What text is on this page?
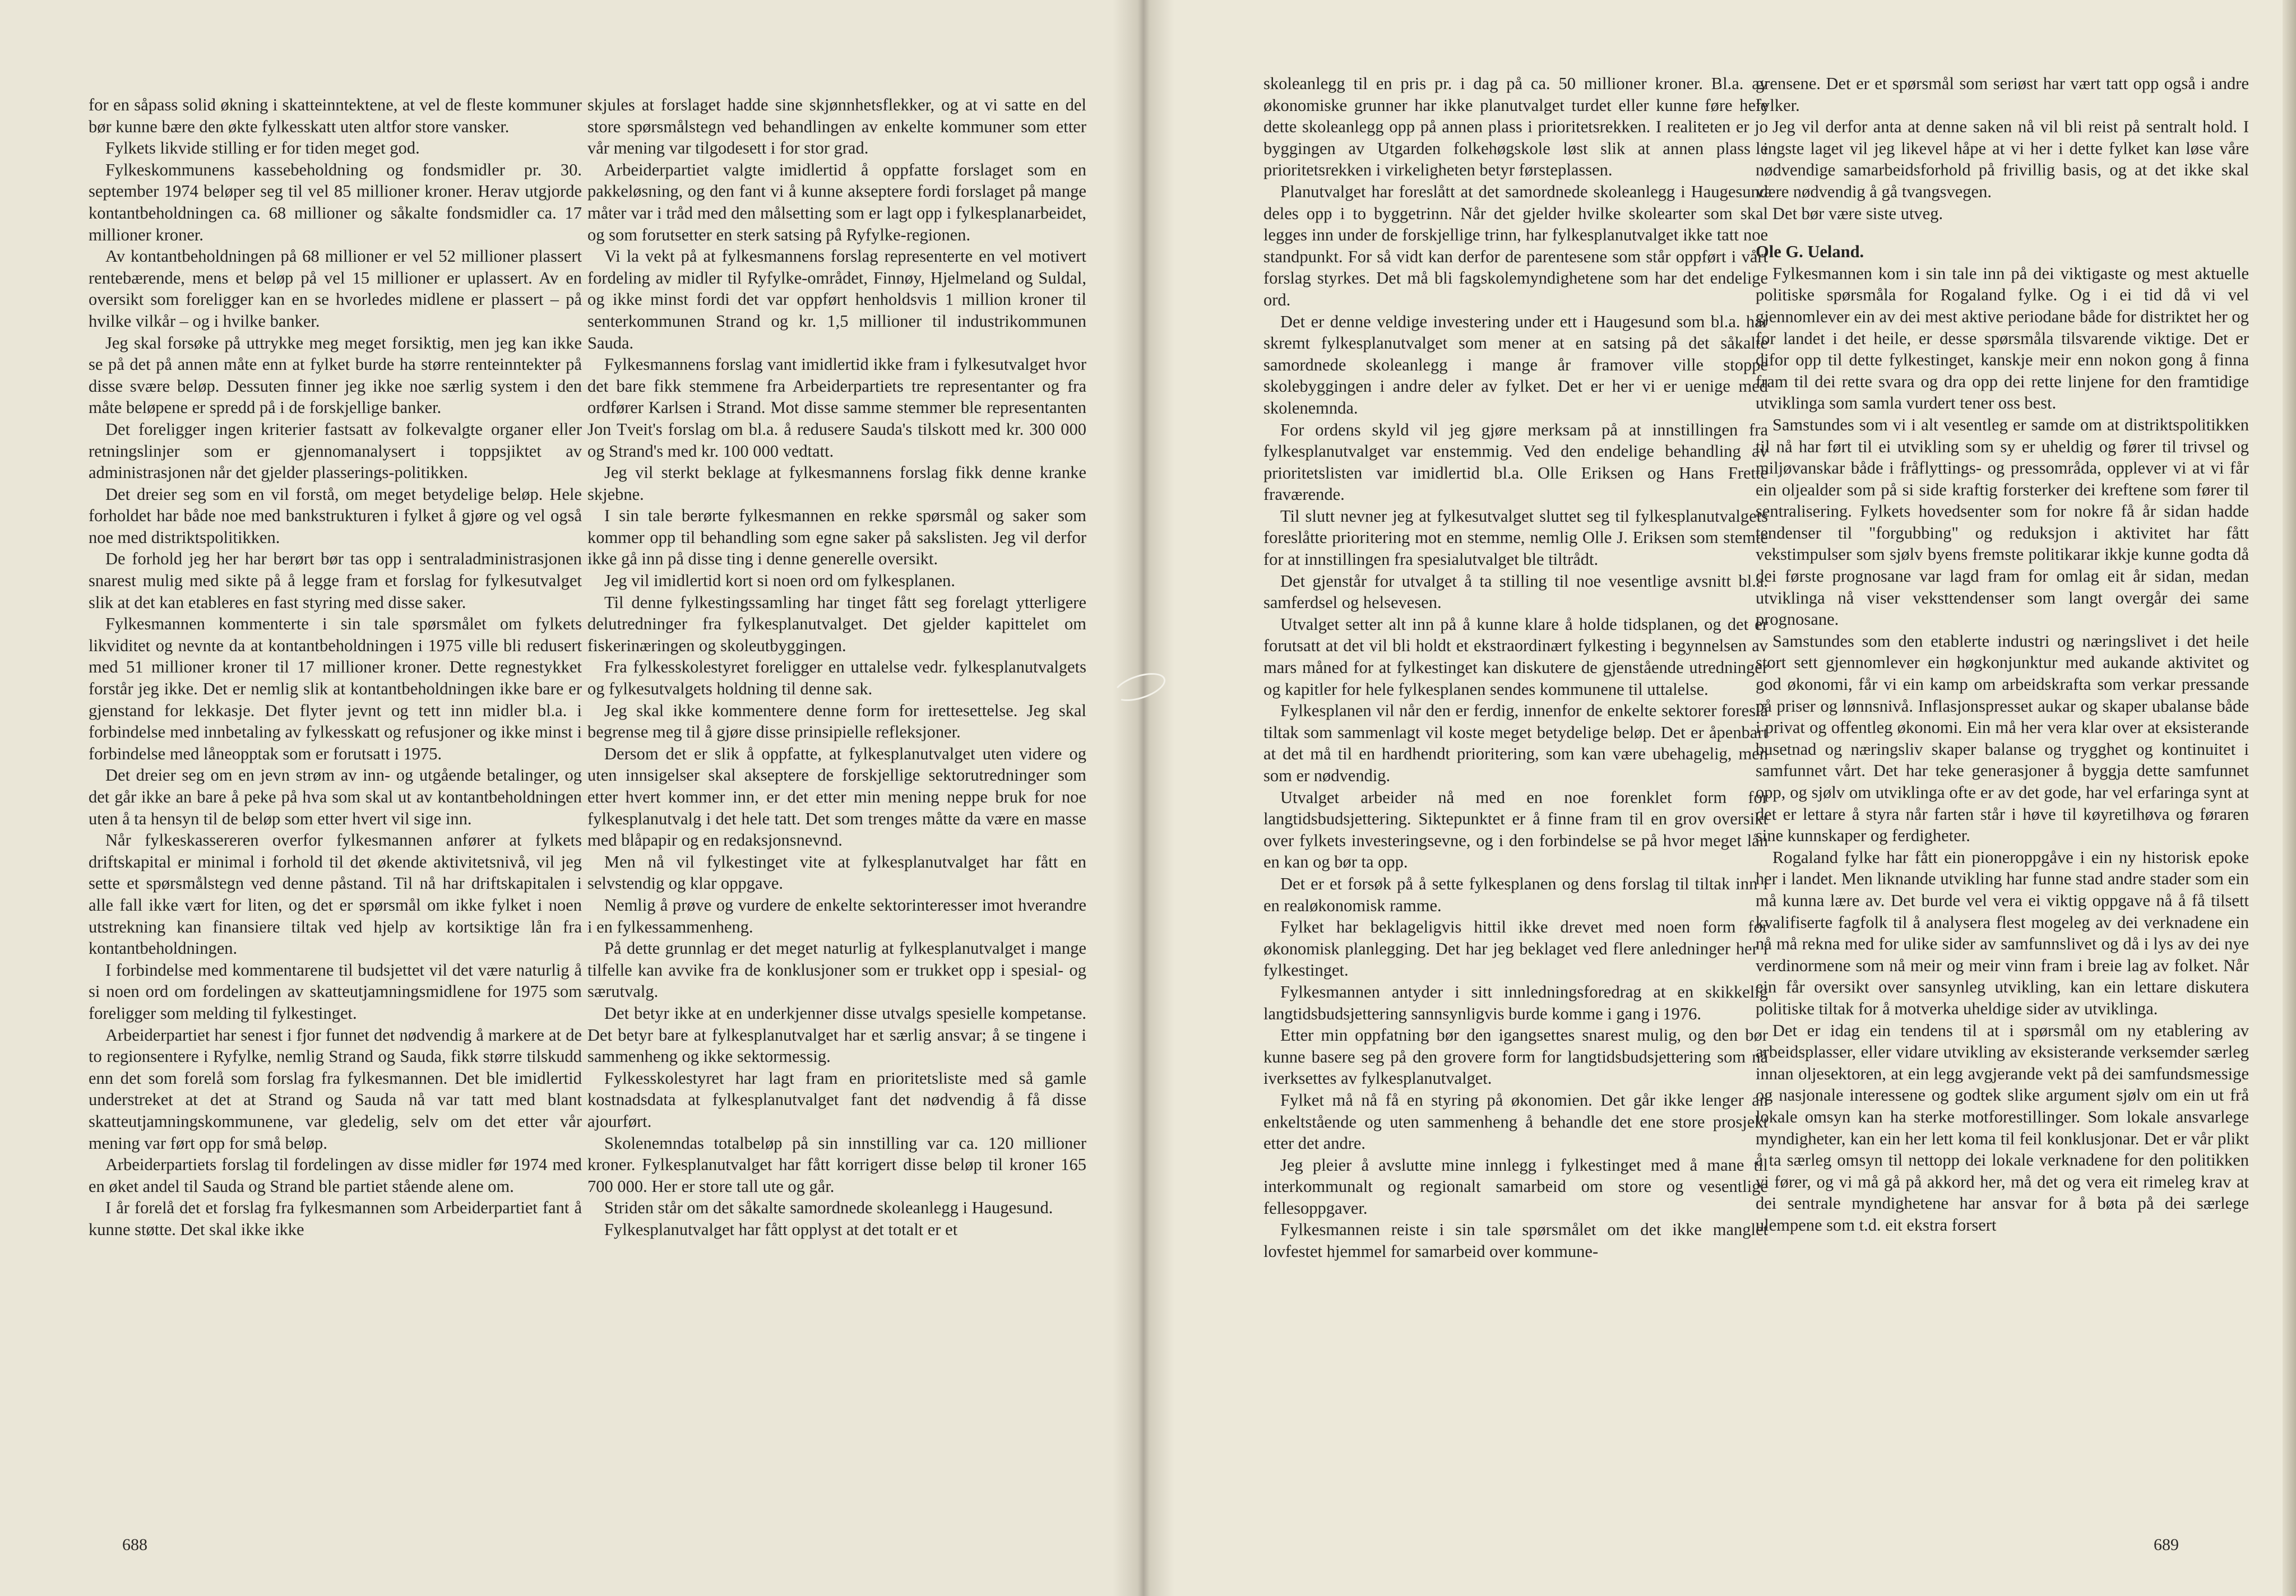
for en såpass solid økning i skatteinntektene, at vel de fleste kommuner bør kunne bære den økte fylkesskatt uten altfor store vansker.

Fylkets likvide stilling er for tiden meget god.

Fylkeskommunens kassebeholdning og fondsmidler pr. 30. september 1974 beløper seg til vel 85 millioner kroner. Herav utgjorde kontantbeholdningen ca. 68 millioner og såkalte fondsmidler ca. 17 millioner kroner.

Av kontantbeholdningen på 68 millioner er vel 52 millioner plassert rentebærende, mens et beløp på vel 15 millioner er uplassert. Av en oversikt som foreligger kan en se hvorledes midlene er plassert – på hvilke vilkår – og i hvilke banker.

Jeg skal forsøke på uttrykke meg meget forsiktig, men jeg kan ikke se på det på annen måte enn at fylket burde ha større renteinntekter på disse svære beløp. Dessuten finner jeg ikke noe særlig system i den måte beløpene er spredd på i de forskjellige banker.

Det foreligger ingen kriterier fastsatt av folkevalgte organer eller retningslinjer som er gjennomanalysert i toppsjiktet av administrasjonen når det gjelder plasserings-politikken.

Det dreier seg som en vil forstå, om meget betydelige beløp. Hele forholdet har både noe med bankstrukturen i fylket å gjøre og vel også noe med distriktspolitikken.

De forhold jeg her har berørt bør tas opp i sentraladministrasjonen snarest mulig med sikte på å legge fram et forslag for fylkesutvalget slik at det kan etableres en fast styring med disse saker.

Fylkesmannen kommenterte i sin tale spørsmålet om fylkets likviditet og nevnte da at kontantbeholdningen i 1975 ville bli redusert med 51 millioner kroner til 17 millioner kroner. Dette regnestykket forstår jeg ikke. Det er nemlig slik at kontantbeholdningen ikke bare er gjenstand for lekkasje. Det flyter jevnt og tett inn midler bl.a. i forbindelse med innbetaling av fylkesskatt og refusjoner og ikke minst i forbindelse med låneopptak som er forutsatt i 1975.

Det dreier seg om en jevn strøm av inn- og utgående betalinger, og det går ikke an bare å peke på hva som skal ut av kontantbeholdningen uten å ta hensyn til de beløp som etter hvert vil sige inn.

Når fylkeskassereren overfor fylkesmannen anfører at fylkets driftskapital er minimal i forhold til det økende aktivitetsnivå, vil jeg sette et spørsmålstegn ved denne påstand. Til nå har driftskapitalen i alle fall ikke vært for liten, og det er spørsmål om ikke fylket i noen utstrekning kan finansiere tiltak ved hjelp av kortsiktige lån fra kontantbeholdningen.

I forbindelse med kommentarene til budsjettet vil det være naturlig å si noen ord om fordelingen av skatteutjamningsmidlene for 1975 som foreligger som melding til fylkestinget.

Arbeiderpartiet har senest i fjor funnet det nødvendig å markere at de to regionsentere i Ryfylke, nemlig Strand og Sauda, fikk større tilskudd enn det som forelå som forslag fra fylkesmannen. Det ble imidlertid understreket at det at Strand og Sauda nå var tatt med blant skatteutjamningskommunene, var gledelig, selv om det etter vår mening var ført opp for små beløp.

Arbeiderpartiets forslag til fordelingen av disse midler før 1974 med en øket andel til Sauda og Strand ble partiet stående alene om.

I år forelå det et forslag fra fylkesmannen som Arbeiderpartiet fant å kunne støtte. Det skal ikke ikke

skjules at forslaget hadde sine skjønnhetsflekker, og at vi satte en del store spørsmålstegn ved behandlingen av enkelte kommuner som etter vår mening var tilgodesett i for stor grad.

Arbeiderpartiet valgte imidlertid å oppfatte forslaget som en pakkeløsning, og den fant vi å kunne akseptere fordi forslaget på mange måter var i tråd med den målsetting som er lagt opp i fylkesplanarbeidet, og som forutsetter en sterk satsing på Ryfylke-regionen.

Vi la vekt på at fylkesmannens forslag representerte en vel motivert fordeling av midler til Ryfylke-området, Finnøy, Hjelmeland og Suldal, og ikke minst fordi det var oppført henholdsvis 1 million kroner til senterkommunen Strand og kr. 1,5 millioner til industrikommunen Sauda.

Fylkesmannens forslag vant imidlertid ikke fram i fylkesutvalget hvor det bare fikk stemmene fra Arbeiderpartiets tre representanter og fra ordfører Karlsen i Strand. Mot disse samme stemmer ble representanten Jon Tveit's forslag om bl.a. å redusere Sauda's tilskott med kr. 300 000 og Strand's med kr. 100 000 vedtatt.

Jeg vil sterkt beklage at fylkesmannens forslag fikk denne kranke skjebne.

I sin tale berørte fylkesmannen en rekke spørsmål og saker som kommer opp til behandling som egne saker på sakslisten. Jeg vil derfor ikke gå inn på disse ting i denne generelle oversikt.

Jeg vil imidlertid kort si noen ord om fylkesplanen.

Til denne fylkestingssamling har tinget fått seg forelagt ytterligere delutredninger fra fylkesplanutvalget. Det gjelder kapittelet om fiskerinæringen og skoleutbyggingen.

Fra fylkesskolestyret foreligger en uttalelse vedr. fylkesplanutvalgets og fylkesutvalgets holdning til denne sak.

Jeg skal ikke kommentere denne form for irettesettelse. Jeg skal begrense meg til å gjøre disse prinsipielle refleksjoner.

Dersom det er slik å oppfatte, at fylkesplanutvalget uten videre og uten innsigelser skal akseptere de forskjellige sektorutredninger som etter hvert kommer inn, er det etter min mening neppe bruk for noe fylkesplanutvalg i det hele tatt. Det som trenges måtte da være en masse med blåpapir og en redaksjonsnevnd.

Men nå vil fylkestinget vite at fylkesplanutvalget har fått en selvstendig og klar oppgave.

Nemlig å prøve og vurdere de enkelte sektorinteresser imot hverandre i en fylkessammenheng.

På dette grunnlag er det meget naturlig at fylkesplanutvalget i mange tilfelle kan avvike fra de konklusjoner som er trukket opp i spesial- og særutvalg.

Det betyr ikke at en underkjenner disse utvalgs spesielle kompetanse. Det betyr bare at fylkesplanutvalget har et særlig ansvar; å se tingene i sammenheng og ikke sektormessig.

Fylkesskolestyret har lagt fram en prioritetsliste med så gamle kostnadsdata at fylkesplanutvalget fant det nødvendig å få disse ajourført.

Skolenemndas totalbeløp på sin innstilling var ca. 120 millioner kroner. Fylkesplanutvalget har fått korrigert disse beløp til kroner 165 700 000. Her er store tall ute og går.

Striden står om det såkalte samordnede skoleanlegg i Haugesund.

Fylkesplanutvalget har fått opplyst at det totalt er et

688

skoleanlegg til en pris pr. i dag på ca. 50 millioner kroner. Bl.a. av økonomiske grunner har ikke planutvalget turdet eller kunne føre hele dette skoleanlegg opp på annen plass i prioritetsrekken. I realiteten er jo byggingen av Utgarden folkehøgskole løst slik at annen plass i prioritetsrekken i virkeligheten betyr førsteplassen.

Planutvalget har foreslått at det samordnede skoleanlegg i Haugesund deles opp i to byggetrinn. Når det gjelder hvilke skolearter som skal legges inn under de forskjellige trinn, har fylkesplanutvalget ikke tatt noe standpunkt. For så vidt kan derfor de parentesene som står oppført i vårt forslag styrkes. Det må bli fagskolemyndighetene som har det endelige ord.

Det er denne veldige investering under ett i Haugesund som bl.a. har skremt fylkesplanutvalget som mener at en satsing på det såkalte samordnede skoleanlegg i mange år framover ville stoppe skolebyggingen i andre deler av fylket. Det er her vi er uenige med skolenemnda.

For ordens skyld vil jeg gjøre merksam på at innstillingen fra fylkesplanutvalget var enstemmig. Ved den endelige behandling av prioritetslisten var imidlertid bl.a. Olle Eriksen og Hans Frette fraværende.

Til slutt nevner jeg at fylkesutvalget sluttet seg til fylkesplanutvalgets foreslåtte prioritering mot en stemme, nemlig Olle J. Eriksen som stemte for at innstillingen fra spesialutvalget ble tiltrådt.

Det gjenstår for utvalget å ta stilling til noe vesentlige avsnitt bl.a. samferdsel og helsevesen.

Utvalget setter alt inn på å kunne klare å holde tidsplanen, og det er forutsatt at det vil bli holdt et ekstraordinært fylkesting i begynnelsen av mars måned for at fylkestinget kan diskutere de gjenstående utredninger og kapitler for hele fylkesplanen sendes kommunene til uttalelse.

Fylkesplanen vil når den er ferdig, innenfor de enkelte sektorer foreslå tiltak som sammenlagt vil koste meget betydelige beløp. Det er åpenbart at det må til en hardhendt prioritering, som kan være ubehagelig, men som er nødvendig.

Utvalget arbeider nå med en noe forenklet form for langtidsbudsjettering. Siktepunktet er å finne fram til en grov oversikt over fylkets investeringsevne, og i den forbindelse se på hvor meget lån en kan og bør ta opp.

Det er et forsøk på å sette fylkesplanen og dens forslag til tiltak inn i en realøkonomisk ramme.

Fylket har beklageligvis hittil ikke drevet med noen form for økonomisk planlegging. Det har jeg beklaget ved flere anledninger her i fylkestinget.

Fylkesmannen antyder i sitt innledningsforedrag at en skikkelig langtidsbudsjettering sannsynligvis burde komme i gang i 1976.

Etter min oppfatning bør den igangsettes snarest mulig, og den bør kunne basere seg på den grovere form for langtidsbudsjettering som nå iverksettes av fylkesplanutvalget.

Fylket må nå få en styring på økonomien. Det går ikke lenger an enkeltstående og uten sammenheng å behandle det ene store prosjekt etter det andre.

Jeg pleier å avslutte mine innlegg i fylkestinget med å mane til interkommunalt og regionalt samarbeid om store og vesentlige fellesoppgaver.

Fylkesmannen reiste i sin tale spørsmålet om det ikke manglet lovfestet hjemmel for samarbeid over kommune-

grensene. Det er et spørsmål som seriøst har vært tatt opp også i andre fylker.

Jeg vil derfor anta at denne saken nå vil bli reist på sentralt hold. I lengste laget vil jeg likevel håpe at vi her i dette fylket kan løse våre nødvendige samarbeidsforhold på frivillig basis, og at det ikke skal være nødvendig å gå tvangsvegen.

Det bør være siste utveg.

Ole G. Ueland.

Fylkesmannen kom i sin tale inn på dei viktigaste og mest aktuelle politiske spørsmåla for Rogaland fylke. Og i ei tid då vi vel gjennomlever ein av dei mest aktive periodane både for distriktet her og for landet i det heile, er desse spørsmåla tilsvarende viktige. Det er difor opp til dette fylkestinget, kanskje meir enn nokon gong å finna fram til dei rette svara og dra opp dei rette linjene for den framtidige utviklinga som samla vurdert tener oss best.

Samstundes som vi i alt vesentleg er samde om at distriktspolitikken til nå har ført til ei utvikling som sy er uheldig og fører til trivsel og miljøvanskar både i fråflyttings- og pressområda, opplever vi at vi får ein oljealder som på si side kraftig forsterker dei kreftene som fører til sentralisering. Fylkets hovedsenter som for nokre få år sidan hadde tendenser til "forgubbing" og reduksjon i aktivitet har fått vekstimpulser som sjølv byens fremste politikarar ikkje kunne godta då dei første prognosane var lagd fram for omlag eit år sidan, medan utviklinga nå viser veksttendenser som langt overgår dei same prognosane.

Samstundes som den etablerte industri og næringslivet i det heile stort sett gjennomlever ein høgkonjunktur med aukande aktivitet og god økonomi, får vi ein kamp om arbeidskrafta som verkar pressande på priser og lønnsnivå. Inflasjonspresset aukar og skaper ubalanse både i privat og offentleg økonomi. Ein må her vera klar over at eksisterande busetnad og næringsliv skaper balanse og trygghet og kontinuitet i samfunnet vårt. Det har teke generasjoner å byggja dette samfunnet opp, og sjølv om utviklinga ofte er av det gode, har vel erfaringa synt at det er lettare å styra når farten står i høve til køyretilhøva og føraren sine kunnskaper og ferdigheter.

Rogaland fylke har fått ein pioneroppgåve i ein ny historisk epoke her i landet. Men liknande utvikling har funne stad andre stader som ein må kunna lære av. Det burde vel vera ei viktig oppgave nå å få tilsett kvalifiserte fagfolk til å analysera flest mogeleg av dei verknadene ein nå må rekna med for ulike sider av samfunnslivet og då i lys av dei nye verdinormene som nå meir og meir vinn fram i breie lag av folket. Når ein får oversikt over sansynleg utvikling, kan ein lettare diskutera politiske tiltak for å motverka uheldige sider av utviklinga.

Det er idag ein tendens til at i spørsmål om ny etablering av arbeidsplasser, eller vidare utvikling av eksisterande verksemder særleg innan oljesektoren, at ein legg avgjerande vekt på dei samfundsmessige og nasjonale interessene og godtek slike argument sjølv om ein ut frå lokale omsyn kan ha sterke motforestillinger. Som lokale ansvarlege myndigheter, kan ein her lett koma til feil konklusjonar. Det er vår plikt å ta særleg omsyn til nettopp dei lokale verknadene for den politikken vi fører, og vi må gå på akkord her, må det og vera eit rimeleg krav at dei sentrale myndighetene har ansvar for å bøta på dei særlege ulempene som t.d. eit ekstra forsert

689
